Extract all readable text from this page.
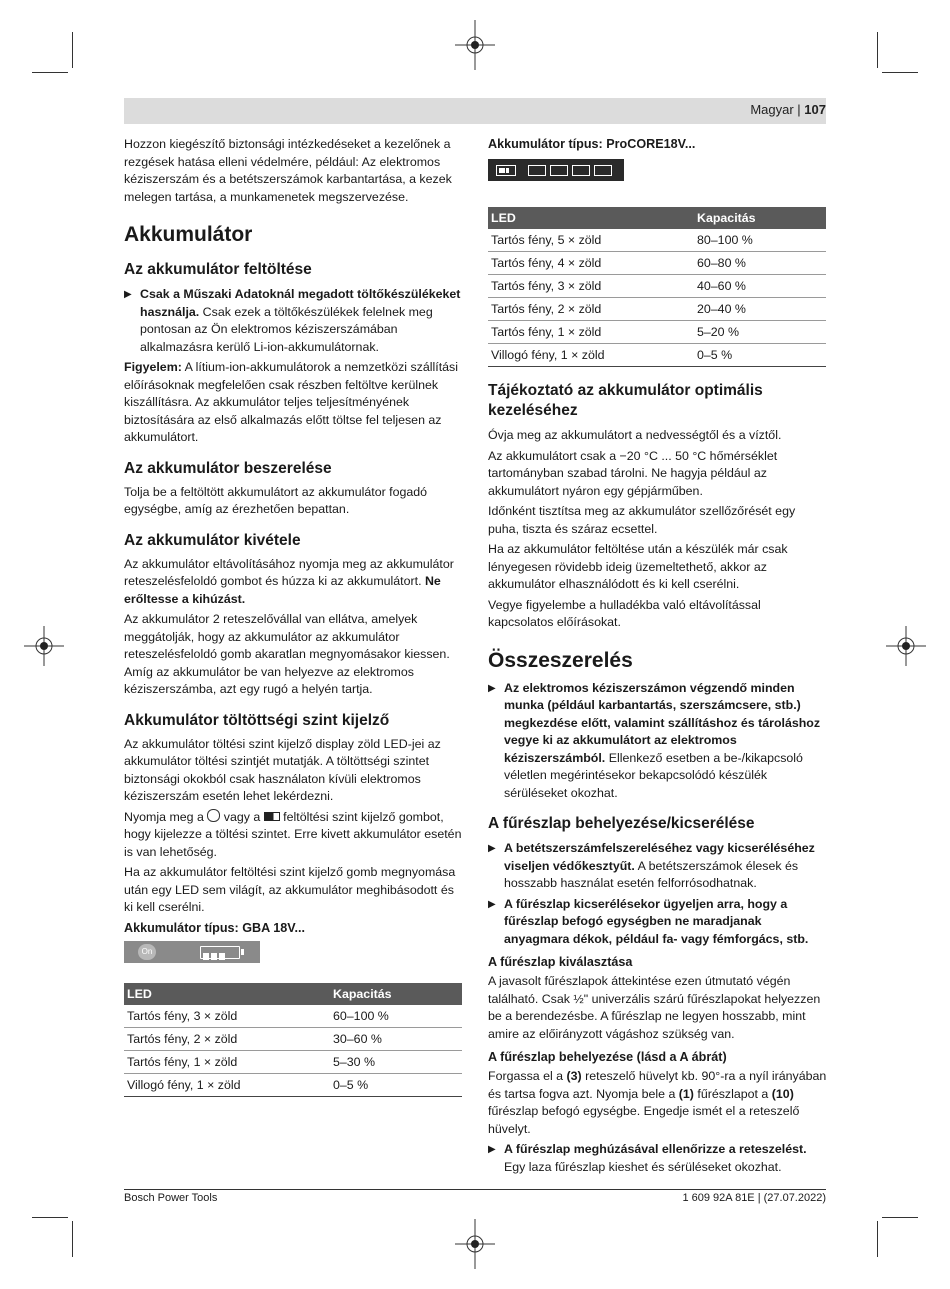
Magyar | 107

Hozzon kiegészítő biztonsági intézkedéseket a kezelőnek a rezgések hatása elleni védelmére, például: Az elektromos kéziszerszám és a betétszerszámok karbantartása, a kezek melegen tartása, a munkamenetek megszervezése.

Akkumulátor
Az akkumulátor feltöltése
▶ Csak a Műszaki Adatoknál megadott töltőkészülékeket használja. Csak ezek a töltőkészülékek felelnek meg pontosan az Ön elektromos kéziszerszámában alkalmazásra kerülő Li-ion-akkumulátornak.

Figyelem: A lítium-ion-akkumulátorok a nemzetközi szállítási előírásoknak megfelelően csak részben feltöltve kerülnek kiszállításra. Az akkumulátor teljes teljesítményének biztosítására az első alkalmazás előtt töltse fel teljesen az akkumulátort.

Az akkumulátor beszerelése

Tolja be a feltöltött akkumulátort az akkumulátor fogadó egységbe, amíg az érezhetően bepattan.

Az akkumulátor kivétele

Az akkumulátor eltávolításához nyomja meg az akkumulátor reteszelésfeloldó gombot és húzza ki az akkumulátort. Ne erőltesse a kihúzást.

Az akkumulátor 2 reteszelővállal van ellátva, amelyek meggátolják, hogy az akkumulátor az akkumulátor reteszelésfeloldó gomb akaratlan megnyomásakor kiessen. Amíg az akkumulátor be van helyezve az elektromos kéziszerszámba, azt egy rugó a helyén tartja.

Akkumulátor töltöttségi szint kijelző

Az akkumulátor töltési szint kijelző display zöld LED-jei az akkumulátor töltési szintjét mutatják. A töltöttségi szintet biztonsági okokból csak használaton kívüli elektromos kéziszerszám esetén lehet lekérdezni.

Nyomja meg a  vagy a  feltöltési szint kijelző gombot, hogy kijelezze a töltési szintet. Erre kivett akkumulátor esetén is van lehetőség.

Ha az akkumulátor feltöltési szint kijelző gomb megnyomása után egy LED sem világít, az akkumulátor meghibásodott és ki kell cserélni.

Akkumulátor típus: GBA 18V...
On
LED	Kapacitás
Tartós fény, 3 × zöld	60–100 %
Tartós fény, 2 × zöld	30–60 %
Tartós fény, 1 × zöld	5–30 %
Villogó fény, 1 × zöld	0–5 %
Akkumulátor típus: ProCORE18V...
LED	Kapacitás
Tartós fény, 5 × zöld	80–100 %
Tartós fény, 4 × zöld	60–80 %
Tartós fény, 3 × zöld	40–60 %
Tartós fény, 2 × zöld	20–40 %
Tartós fény, 1 × zöld	5–20 %
Villogó fény, 1 × zöld	0–5 %
Tájékoztató az akkumulátor optimális kezeléséhez

Óvja meg az akkumulátort a nedvességtől és a víztől.

Az akkumulátort csak a −20 °C ... 50 °C hőmérséklet tartományban szabad tárolni. Ne hagyja például az akkumulátort nyáron egy gépjárműben.

Időnként tisztítsa meg az akkumulátor szellőzőrését egy puha, tiszta és száraz ecsettel.

Ha az akkumulátor feltöltése után a készülék már csak lényegesen rövidebb ideig üzemeltethető, akkor az akkumulátor elhasználódott és ki kell cserélni.

Vegye figyelembe a hulladékba való eltávolítással kapcsolatos előírásokat.

Összeszerelés
▶ Az elektromos kéziszerszámon végzendő minden munka (például karbantartás, szerszámcsere, stb.) megkezdése előtt, valamint szállításhoz és tároláshoz vegye ki az akkumulátort az elektromos kéziszerszámból. Ellenkező esetben a be-/kikapcsoló véletlen megérintésekor bekapcsolódó készülék sérüléseket okozhat.
A fűrészlap behelyezése/kicserélése
▶ A betétszerszámfelszereléséhez vagy kicseréléséhez viseljen védőkesztyűt. A betétszerszámok élesek és hosszabb használat esetén felforrósodhatnak.
▶ A fűrészlap kicserélésekor ügyeljen arra, hogy a fűrészlap befogó egységben ne maradjanak anyagmara dékok, például fa- vagy fémforgács, stb.
A fűrészlap kiválasztása

A javasolt fűrészlapok áttekintése ezen útmutató végén található. Csak ½" univerzális szárú fűrészlapokat helyezzen be a berendezésbe. A fűrészlap ne legyen hosszabb, mint amire az előirányzott vágáshoz szükség van.

A fűrészlap behelyezése (lásd a A ábrát)

Forgassa el a (3) reteszelő hüvelyt kb. 90°-ra a nyíl irányában és tartsa fogva azt. Nyomja bele a (1) fűrészlapot a (10) fűrészlap befogó egységbe. Engedje ismét el a reteszelő hüvelyt.

▶ A fűrészlap meghúzásával ellenőrizze a reteszelést. Egy laza fűrészlap kieshet és sérüléseket okozhat.
Bosch Power Tools	1 609 92A 81E | (27.07.2022)
